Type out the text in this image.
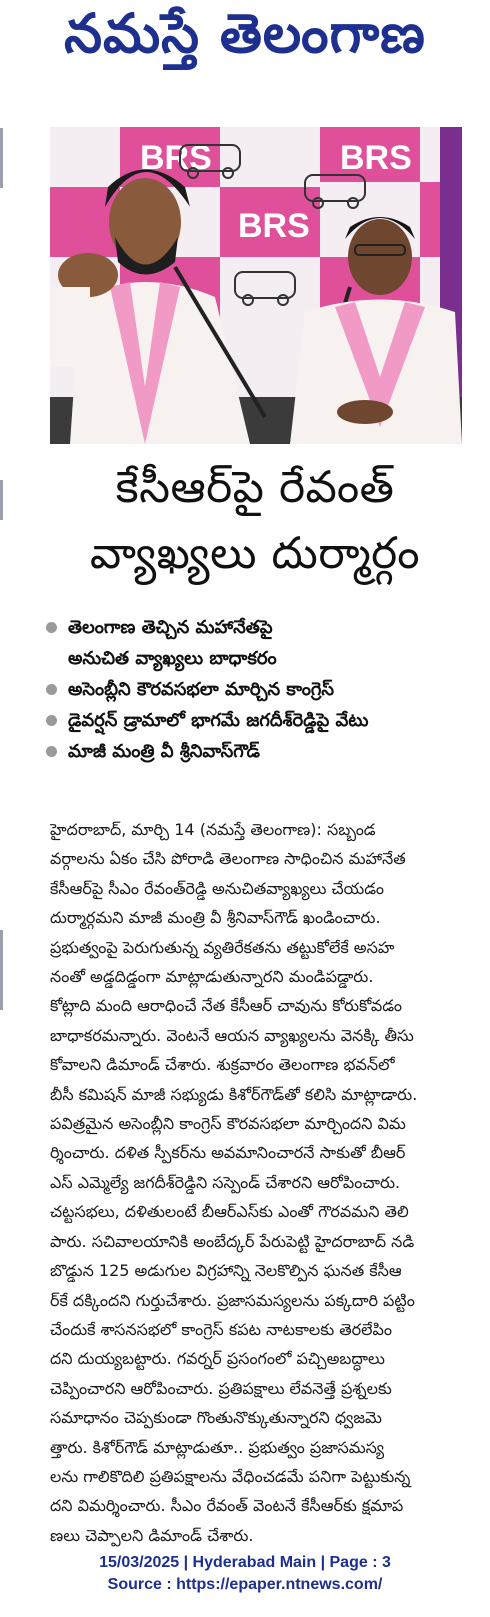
నమస్తే తెలంగాణ
BRS
BRS
BRS
కేసీఆర్‌పై రేవంత్
వ్యాఖ్యలు దుర్మార్గం
తెలంగాణ తెచ్చిన మహానేతపై
అనుచిత వ్యాఖ్యలు బాధాకరం
అసెంబ్లీని కౌరవసభలా మార్చిన కాంగ్రెస్
డైవర్షన్ డ్రామాలో భాగమే జగదీశ్‌రెడ్డిపై వేటు
మాజీ మంత్రి వీ శ్రీనివాస్‌గౌడ్
హైదరాబాద్, మార్చి 14 (నమస్తే తెలంగాణ): సబ్బండ
వర్గాలను ఏకం చేసి పోరాడి తెలంగాణ సాధించిన మహానేత
కేసీఆర్‌పై సీఎం రేవంత్‌రెడ్డి అనుచితవ్యాఖ్యలు చేయడం
దుర్మార్గమని మాజీ మంత్రి వీ శ్రీనివాస్‌గౌడ్ ఖండించారు.
ప్రభుత్వంపై పెరుగుతున్న వ్యతిరేకతను తట్టుకోలేకే అసహ
నంతో అడ్డదిడ్డంగా మాట్లాడుతున్నారని మండిపడ్డారు.
కోట్లాది మంది ఆరాధించే నేత కేసీఆర్ చావును కోరుకోవడం
బాధాకరమన్నారు. వెంటనే ఆయన వ్యాఖ్యలను వెనక్కి తీసు
కోవాలని డిమాండ్ చేశారు. శుక్రవారం తెలంగాణ భవన్‌లో
బీసీ కమిషన్ మాజీ సభ్యుడు కిశోర్‌గౌడ్‌తో కలిసి మాట్లాడారు.
పవిత్రమైన అసెంబ్లీని కాంగ్రెస్ కౌరవసభలా మార్చిందని విమ
ర్శించారు. దళిత స్పీకర్‌ను అవమానించారనే సాకుతో బీఆర్
ఎస్ ఎమ్మెల్యే జగదీశ్‌రెడ్డిని సస్పెండ్ చేశారని ఆరోపించారు.
చట్టసభలు, దళితులంటే బీఆర్‌ఎస్‌కు ఎంతో గౌరవమని తెలి
పారు. సచివాలయానికి అంబేద్కర్ పేరుపెట్టి హైదరాబాద్ నడి
బొడ్డున 125 అడుగుల విగ్రహాన్ని నెలకొల్పిన ఘనత కేసీఆ
ర్‌కే దక్కిందని గుర్తుచేశారు. ప్రజాసమస్యలను పక్కదారి పట్టిం
చేందుకే శాసనసభలో కాంగ్రెస్ కపట నాటకాలకు తెరలేపిం
దని దుయ్యబట్టారు. గవర్నర్ ప్రసంగంలో పచ్చిఅబద్ధాలు
చెప్పించారని ఆరోపించారు. ప్రతిపక్షాలు లేవనెత్తే ప్రశ్నలకు
సమాధానం చెప్పకుండా గొంతునొక్కుతున్నారని ధ్వజమె
త్తారు. కిశోర్‌గౌడ్ మాట్లాడుతూ.. ప్రభుత్వం ప్రజాసమస్య
లను గాలికొదిలి ప్రతిపక్షాలను వేధించడమే పనిగా పెట్టుకున్న
దని విమర్శించారు. సీఎం రేవంత్ వెంటనే కేసీఆర్‌కు క్షమాప
ణలు చెప్పాలని డిమాండ్ చేశారు.
15/03/2025 | Hyderabad Main | Page : 3
Source : https://epaper.ntnews.com/
